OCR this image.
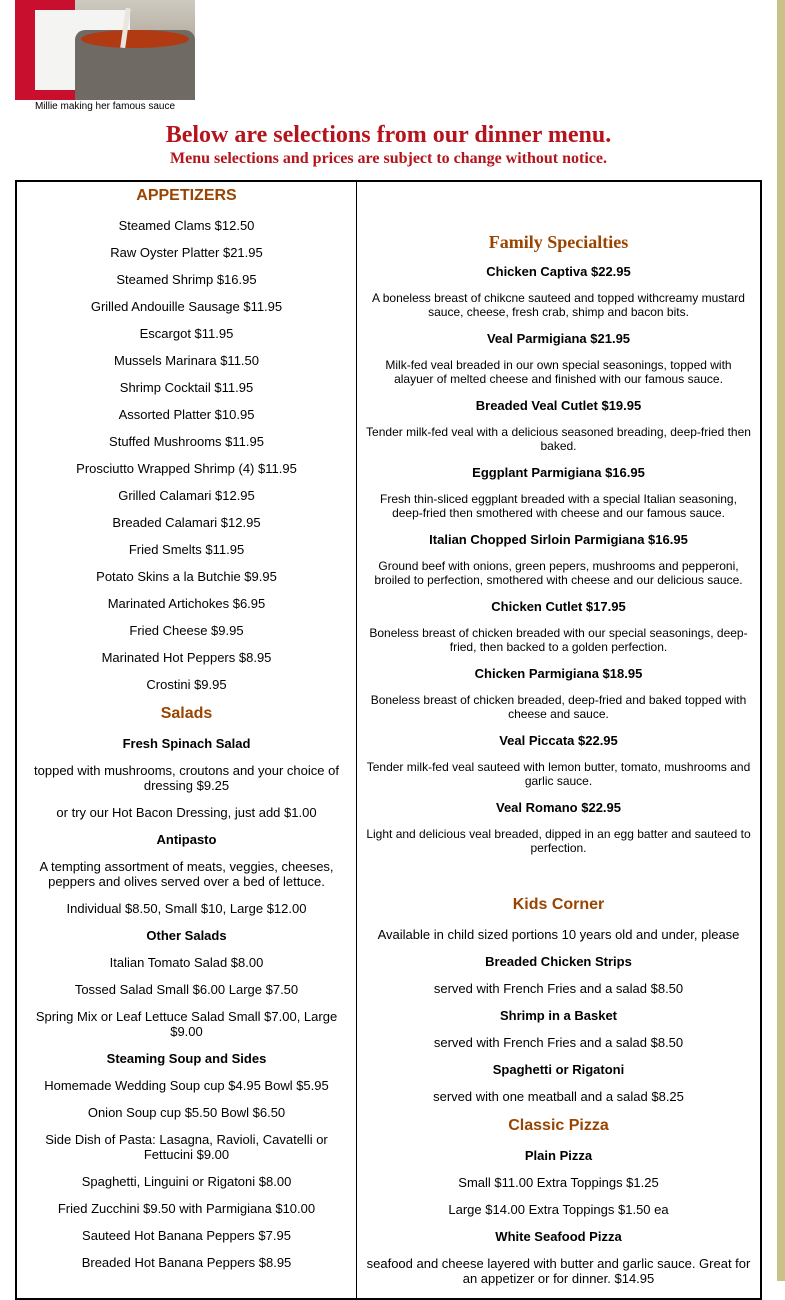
Millie making her famous sauce
Below are selections from our dinner menu.
Menu selections and prices are subject to change without notice.
APPETIZERS

Steamed Clams $12.50

Raw Oyster Platter $21.95

Steamed Shrimp $16.95

Grilled Andouille Sausage $11.95

Escargot $11.95

Mussels Marinara $11.50

Shrimp Cocktail $11.95

Assorted Platter $10.95

Stuffed Mushrooms $11.95

Prosciutto Wrapped Shrimp (4) $11.95

Grilled Calamari $12.95

Breaded Calamari $12.95

Fried Smelts $11.95

Potato Skins a la Butchie $9.95

Marinated Artichokes $6.95

Fried Cheese $9.95

Marinated Hot Peppers $8.95

Crostini $9.95

Salads

Fresh Spinach Salad

topped with mushrooms, croutons and your choice of dressing $9.25

or try our Hot Bacon Dressing, just add $1.00

Antipasto

A tempting assortment of meats, veggies, cheeses, peppers and olives served over a bed of lettuce.

Individual $8.50, Small $10, Large $12.00

Other Salads

Italian Tomato Salad $8.00

Tossed Salad Small $6.00 Large $7.50

Spring Mix or Leaf Lettuce Salad Small $7.00, Large $9.00

Steaming Soup and Sides

Homemade Wedding Soup cup $4.95 Bowl $5.95

Onion Soup cup $5.50 Bowl $6.50

Side Dish of Pasta: Lasagna, Ravioli, Cavatelli or Fettucini $9.00

Spaghetti, Linguini or Rigatoni $8.00

Fried Zucchini $9.50 with Parmigiana $10.00

Sauteed Hot Banana Peppers $7.95

Breaded Hot Banana Peppers $8.95

Family Specialties

Chicken Captiva $22.95

A boneless breast of chikcne sauteed and topped withcreamy mustard sauce, cheese, fresh crab, shimp and bacon bits.

Veal Parmigiana $21.95

Milk-fed veal breaded in our own special seasonings, topped with alayuer of melted cheese and finished with our famous sauce.

Breaded Veal Cutlet $19.95

Tender milk-fed veal with a delicious seasoned breading, deep-fried then baked.

Eggplant Parmigiana $16.95

Fresh thin-sliced eggplant breaded with a special Italian seasoning, deep-fried then smothered with cheese and our famous sauce.

Italian Chopped Sirloin Parmigiana $16.95

Ground beef with onions, green pepers, mushrooms and pepperoni, broiled to perfection, smothered with cheese and our delicious sauce.

Chicken Cutlet $17.95

Boneless breast of chicken breaded with our special seasonings, deep-fried, then backed to a golden perfection.

Chicken Parmigiana $18.95

Boneless breast of chicken breaded, deep-fried and baked topped with cheese and sauce.

Veal Piccata $22.95

Tender milk-fed veal sauteed with lemon butter, tomato, mushrooms and garlic sauce.

Veal Romano $22.95

Light and delicious veal breaded, dipped in an egg batter and sauteed to perfection.

Kids Corner

Available in child sized portions 10 years old and under, please

Breaded Chicken Strips

served with French Fries and a salad $8.50

Shrimp in a Basket

served with French Fries and a salad $8.50

Spaghetti or Rigatoni

served with one meatball and a salad $8.25

Classic Pizza

Plain Pizza

Small $11.00 Extra Toppings $1.25

Large $14.00 Extra Toppings $1.50 ea

White Seafood Pizza

seafood and cheese layered with butter and garlic sauce. Great for an appetizer or for dinner. $14.95
